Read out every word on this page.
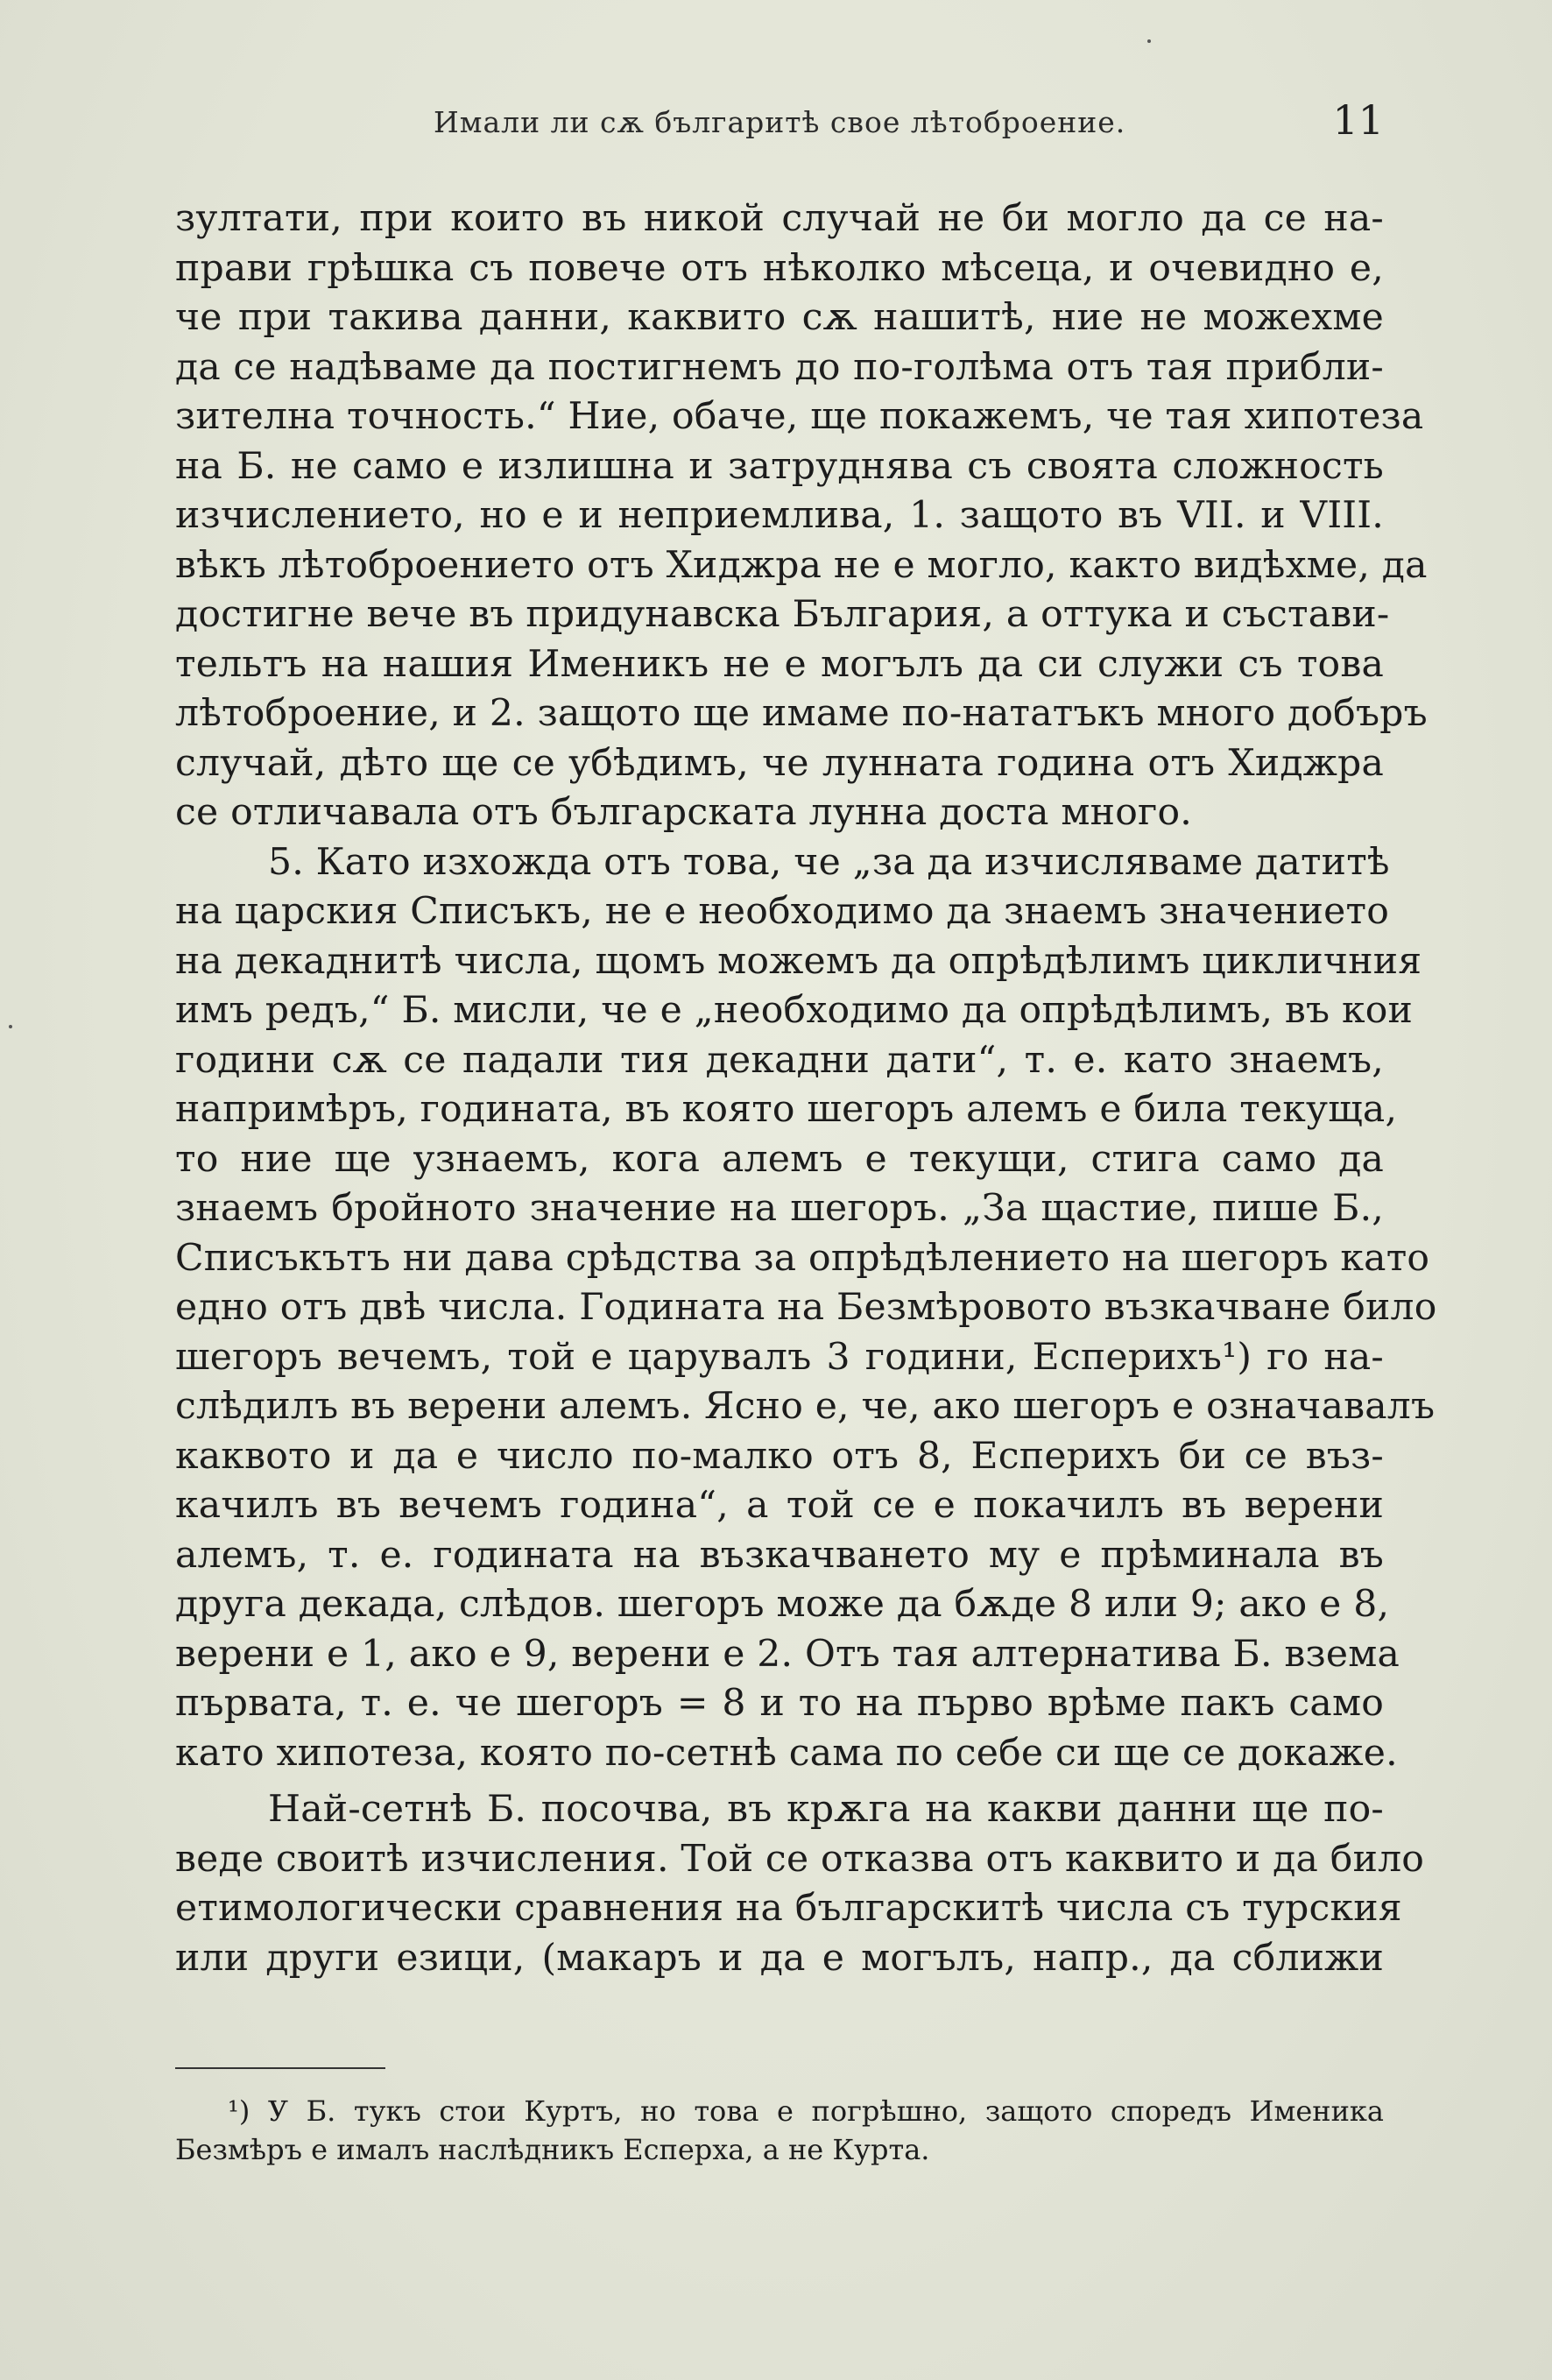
Имали ли сѫ българитѣ свое лѣтоброение.	11
зултати, при които въ никой случай не би могло да се на-
прави грѣшка съ повече отъ нѣколко мѣсеца, и очевидно е,
че при такива данни, каквито сѫ нашитѣ, ние не можехме
да се надѣваме да постигнемъ до по-голѣма отъ тая прибли-
зителна точность.“ Ние, обаче, ще покажемъ, че тая хипотеза
на Б. не само е излишна и затруднява съ своята сложность
изчислението, но е и неприемлива, 1. защото въ VII. и VIII.
вѣкъ лѣтоброението отъ Хиджра не е могло, както видѣхме, да
достигне вече въ придунавска България, а оттука и състави-
тельтъ на нашия Именикъ не е могълъ да си служи съ това
лѣтоброение, и 2. защото ще имаме по-нататъкъ много добъръ
случай, дѣто ще се убѣдимъ, че лунната година отъ Хиджра
се отличавала отъ българската лунна доста много.
5. Като изхожда отъ това, че „за да изчисляваме датитѣ
на царския Списъкъ, не е необходимо да знаемъ значението
на декаднитѣ числа, щомъ можемъ да опрѣдѣлимъ цикличния
имъ редъ,“ Б. мисли, че е „необходимо да опрѣдѣлимъ, въ кои
години сѫ се падали тия декадни дати“, т. е. като знаемъ,
напримѣръ, годината, въ която шегоръ алемъ е била текуща,
то ние ще узнаемъ, кога алемъ е текущи, стига само да
знаемъ бройното значение на шегоръ. „За щастие, пише Б.,
Списъкътъ ни дава срѣдства за опрѣдѣлението на шегоръ като
едно отъ двѣ числа. Годината на Безмѣровото възкачване било
шегоръ вечемъ, той е царувалъ 3 години, Есперихъ¹) го на-
слѣдилъ въ верени алемъ. Ясно е, че, ако шегоръ е означавалъ
каквото и да е число по-малко отъ 8, Есперихъ би се въз-
качилъ въ вечемъ година“, а той се е покачилъ въ верени
алемъ, т. е. годината на възкачването му е прѣминала въ
друга декада, слѣдов. шегоръ може да бѫде 8 или 9; ако е 8,
верени е 1, ако е 9, верени е 2. Отъ тая алтернатива Б. взема
първата, т. е. че шегоръ = 8 и то на първо врѣме пакъ само
като хипотеза, която по-сетнѣ сама по себе си ще се докаже.
Най-сетнѣ Б. посочва, въ крѫга на какви данни ще по-
веде своитѣ изчисления. Той се отказва отъ каквито и да било
етимологически сравнения на българскитѣ числа съ турския
или други езици, (макаръ и да е могълъ, напр., да сближи
¹) У Б. тукъ стои Куртъ, но това е погрѣшно, защото споредъ Именика
Безмѣръ е ималъ наслѣдникъ Есперха, а не Курта.
